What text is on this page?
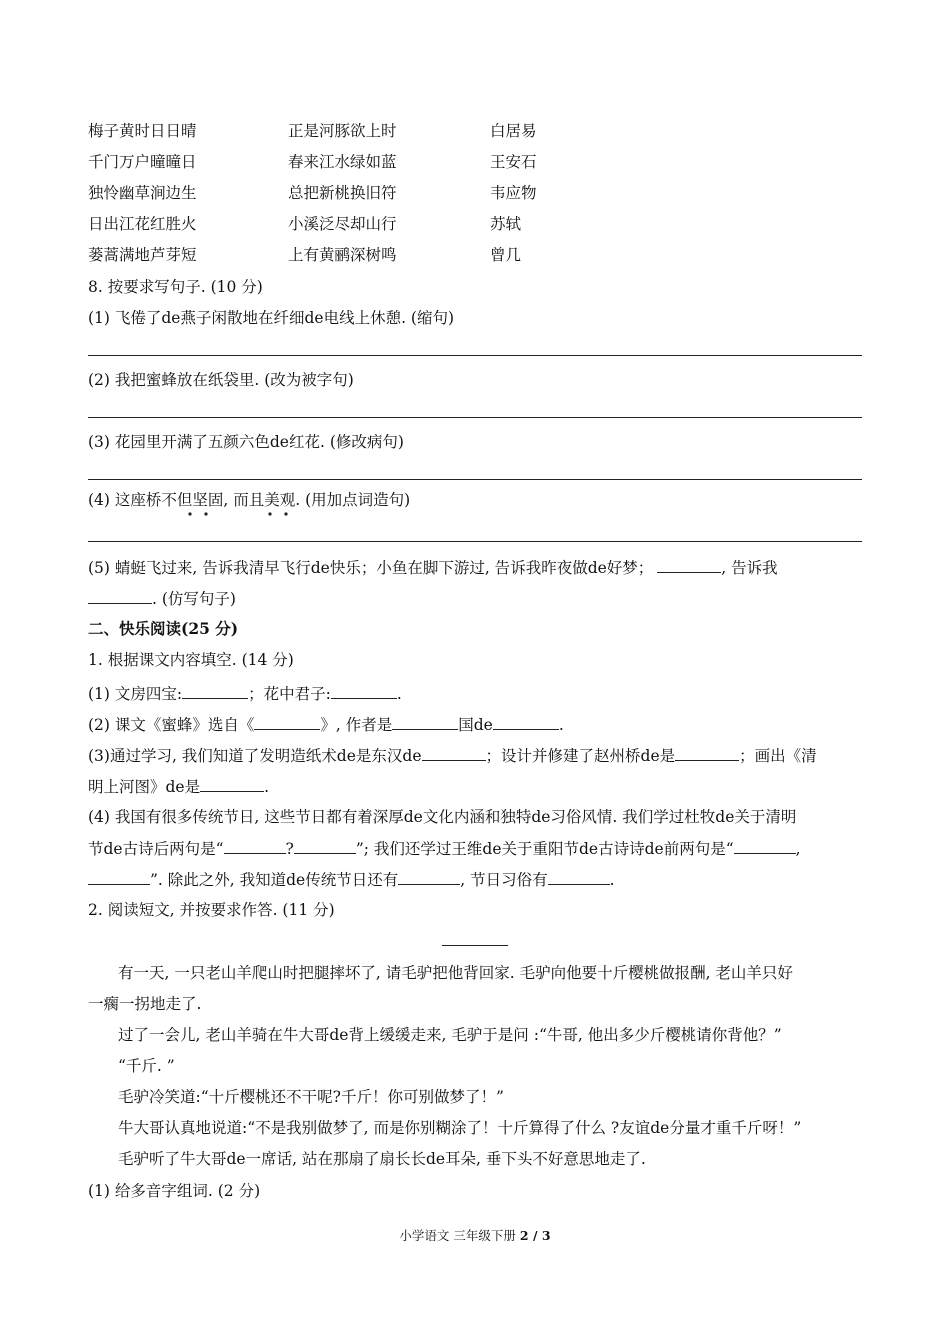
梅子黄时日日晴	正是河豚欲上时	白居易
千门万户曈曈日	春来江水绿如蓝	王安石
独怜幽草涧边生	总把新桃换旧符	韦应物
日出江花红胜火	小溪泛尽却山行	苏轼
蒌蒿满地芦芽短	上有黄鹂深树鸣	曾几
8. 按要求写句子. (10 分)
(1) 飞倦了de燕子闲散地在纤细de电线上休憩. (缩句)
(2) 我把蜜蜂放在纸袋里. (改为被字句)
(3) 花园里开满了五颜六色de红花. (修改病句)
(4) 这座桥不但坚固, 而且美观. (用加点词造句)
(5) 蜻蜓飞过来, 告诉我清早飞行de快乐；小鱼在脚下游过, 告诉我昨夜做de好梦；	, 告诉我
. (仿写句子)
二、快乐阅读(25 分)
1. 根据课文内容填空. (14 分)
(1) 文房四宝:	；花中君子:	.
(2) 课文《蜜蜂》选自《	》, 作者是	国de	.
(3)通过学习, 我们知道了发明造纸术de是东汉de	；设计并修建了赵州桥de是	；画出《清
明上河图》de是	.
(4) 我国有很多传统节日, 这些节日都有着深厚de文化内涵和独特de习俗风情. 我们学过杜牧de关于清明
节de古诗后两句是“	?	”; 我们还学过王维de关于重阳节de古诗诗de前两句是“	,
”. 除此之外, 我知道de传统节日还有	, 节日习俗有	.
2. 阅读短文, 并按要求作答. (11 分)
有一天, 一只老山羊爬山时把腿摔坏了, 请毛驴把他背回家. 毛驴向他要十斤樱桃做报酬, 老山羊只好
一瘸一拐地走了.
过了一会儿, 老山羊骑在牛大哥de背上缓缓走来, 毛驴于是问 :“牛哥, 他出多少斤樱桃请你背他？”
“千斤. ”
毛驴冷笑道:“十斤樱桃还不干呢?千斤！你可别做梦了！”
牛大哥认真地说道:“不是我别做梦了, 而是你别糊涂了！十斤算得了什么 ?友谊de分量才重千斤呀！”
毛驴听了牛大哥de一席话, 站在那扇了扇长长de耳朵, 垂下头不好意思地走了.
(1) 给多音字组词. (2 分)
小学语文 三年级下册 2 / 3
